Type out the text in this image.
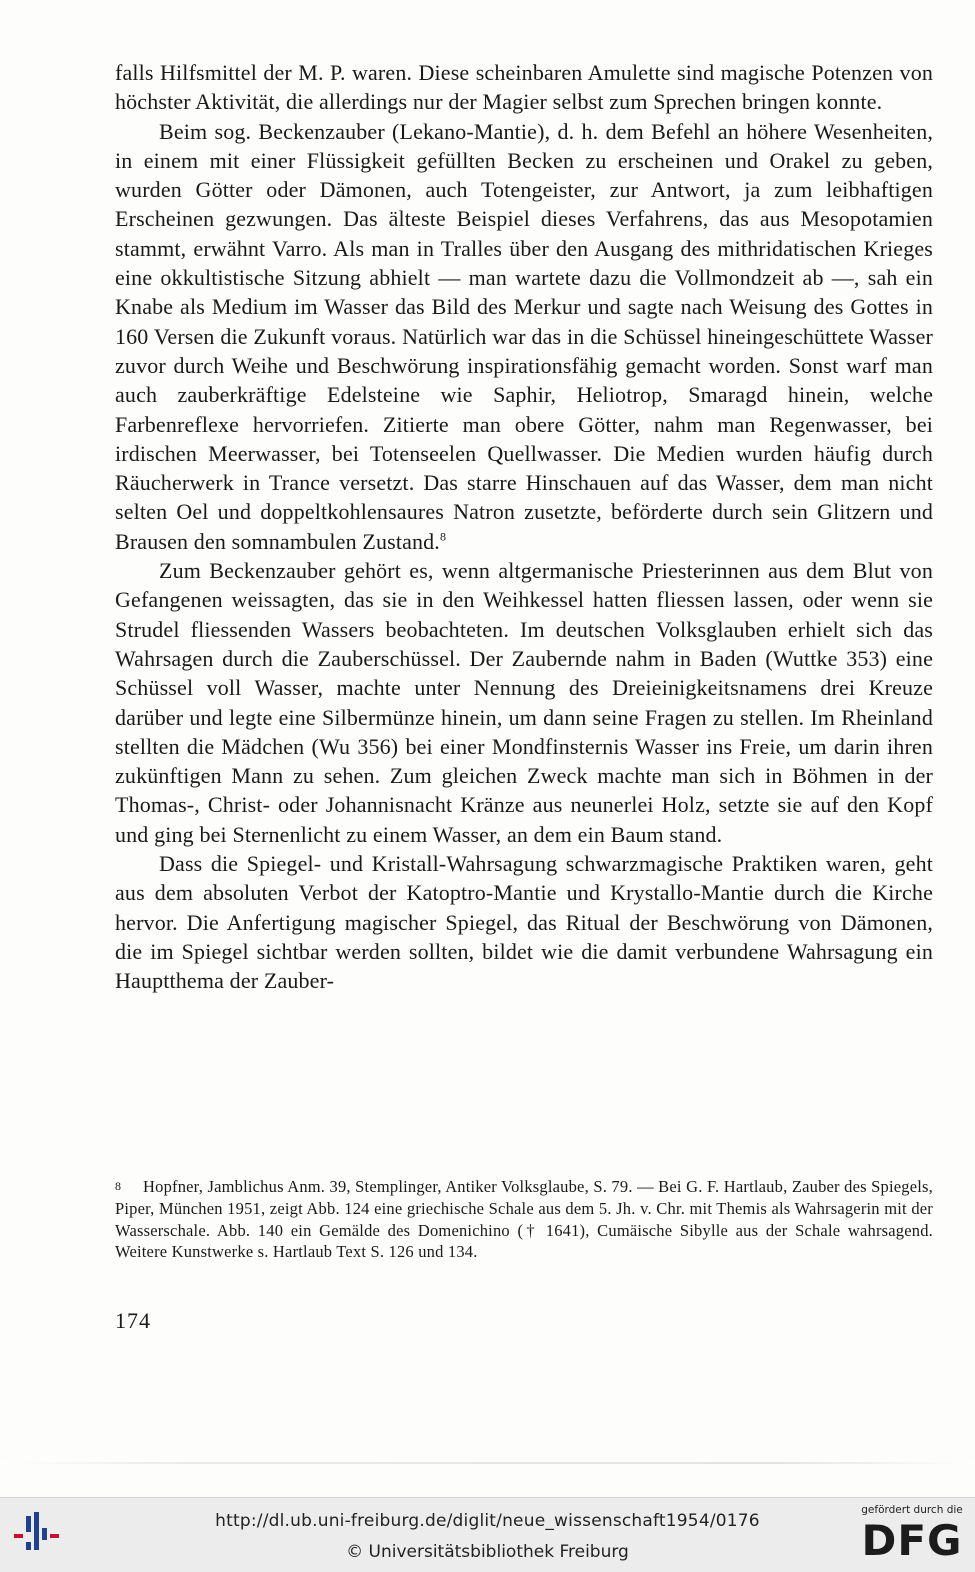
falls Hilfsmittel der M. P. waren. Diese scheinbaren Amulette sind magische Potenzen von höchster Aktivität, die allerdings nur der Magier selbst zum Sprechen bringen konnte.

Beim sog. Beckenzauber (Lekano-Mantie), d. h. dem Befehl an höhere Wesenheiten, in einem mit einer Flüssigkeit gefüllten Becken zu erscheinen und Orakel zu geben, wurden Götter oder Dämonen, auch Totengeister, zur Antwort, ja zum leibhaftigen Erscheinen gezwungen. Das älteste Beispiel dieses Verfahrens, das aus Mesopotamien stammt, erwähnt Varro. Als man in Tralles über den Ausgang des mithridatischen Krieges eine okkultistische Sitzung abhielt — man wartete dazu die Vollmondzeit ab —, sah ein Knabe als Medium im Wasser das Bild des Merkur und sagte nach Weisung des Gottes in 160 Versen die Zukunft voraus. Natürlich war das in die Schüssel hineingeschüttete Wasser zuvor durch Weihe und Beschwörung inspirationsfähig gemacht worden. Sonst warf man auch zauberkräftige Edelsteine wie Saphir, Heliotrop, Smaragd hinein, welche Farbenreflexe hervorriefen. Zitierte man obere Götter, nahm man Regenwasser, bei irdischen Meerwasser, bei Totenseelen Quellwasser. Die Medien wurden häufig durch Räucherwerk in Trance versetzt. Das starre Hinschauen auf das Wasser, dem man nicht selten Oel und doppeltkohlensaures Natron zusetzte, beförderte durch sein Glitzern und Brausen den somnambulen Zustand.$^8$

Zum Beckenzauber gehört es, wenn altgermanische Priesterinnen aus dem Blut von Gefangenen weissagten, das sie in den Weihkessel hatten fliessen lassen, oder wenn sie Strudel fliessenden Wassers beobachteten. Im deutschen Volksglauben erhielt sich das Wahrsagen durch die Zauberschüssel. Der Zaubernde nahm in Baden (Wuttke 353) eine Schüssel voll Wasser, machte unter Nennung des Dreieinigkeitsnamens drei Kreuze darüber und legte eine Silbermünze hinein, um dann seine Fragen zu stellen. Im Rheinland stellten die Mädchen (Wu 356) bei einer Mondfinsternis Wasser ins Freie, um darin ihren zukünftigen Mann zu sehen. Zum gleichen Zweck machte man sich in Böhmen in der Thomas-, Christ- oder Johannisnacht Kränze aus neunerlei Holz, setzte sie auf den Kopf und ging bei Sternenlicht zu einem Wasser, an dem ein Baum stand.

Dass die Spiegel- und Kristall-Wahrsagung schwarzmagische Praktiken waren, geht aus dem absoluten Verbot der Katoptro-Mantie und Krystallo-Mantie durch die Kirche hervor. Die Anfertigung magischer Spiegel, das Ritual der Beschwörung von Dämonen, die im Spiegel sichtbar werden sollten, bildet wie die damit verbundene Wahrsagung ein Hauptthema der Zauber-

8 Hopfner, Jamblichus Anm. 39, Stemplinger, Antiker Volksglaube, S. 79. — Bei G. F. Hartlaub, Zauber des Spiegels, Piper, München 1951, zeigt Abb. 124 eine griechische Schale aus dem 5. Jh. v. Chr. mit Themis als Wahrsagerin mit der Wasserschale. Abb. 140 ein Gemälde des Domenichino († 1641), Cumäische Sibylle aus der Schale wahrsagend. Weitere Kunstwerke s. Hartlaub Text S. 126 und 134.

174
http://dl.ub.uni-freiburg.de/diglit/neue_wissenschaft1954/0176
© Universitätsbibliothek Freiburg
gefördert durch die
DFG
